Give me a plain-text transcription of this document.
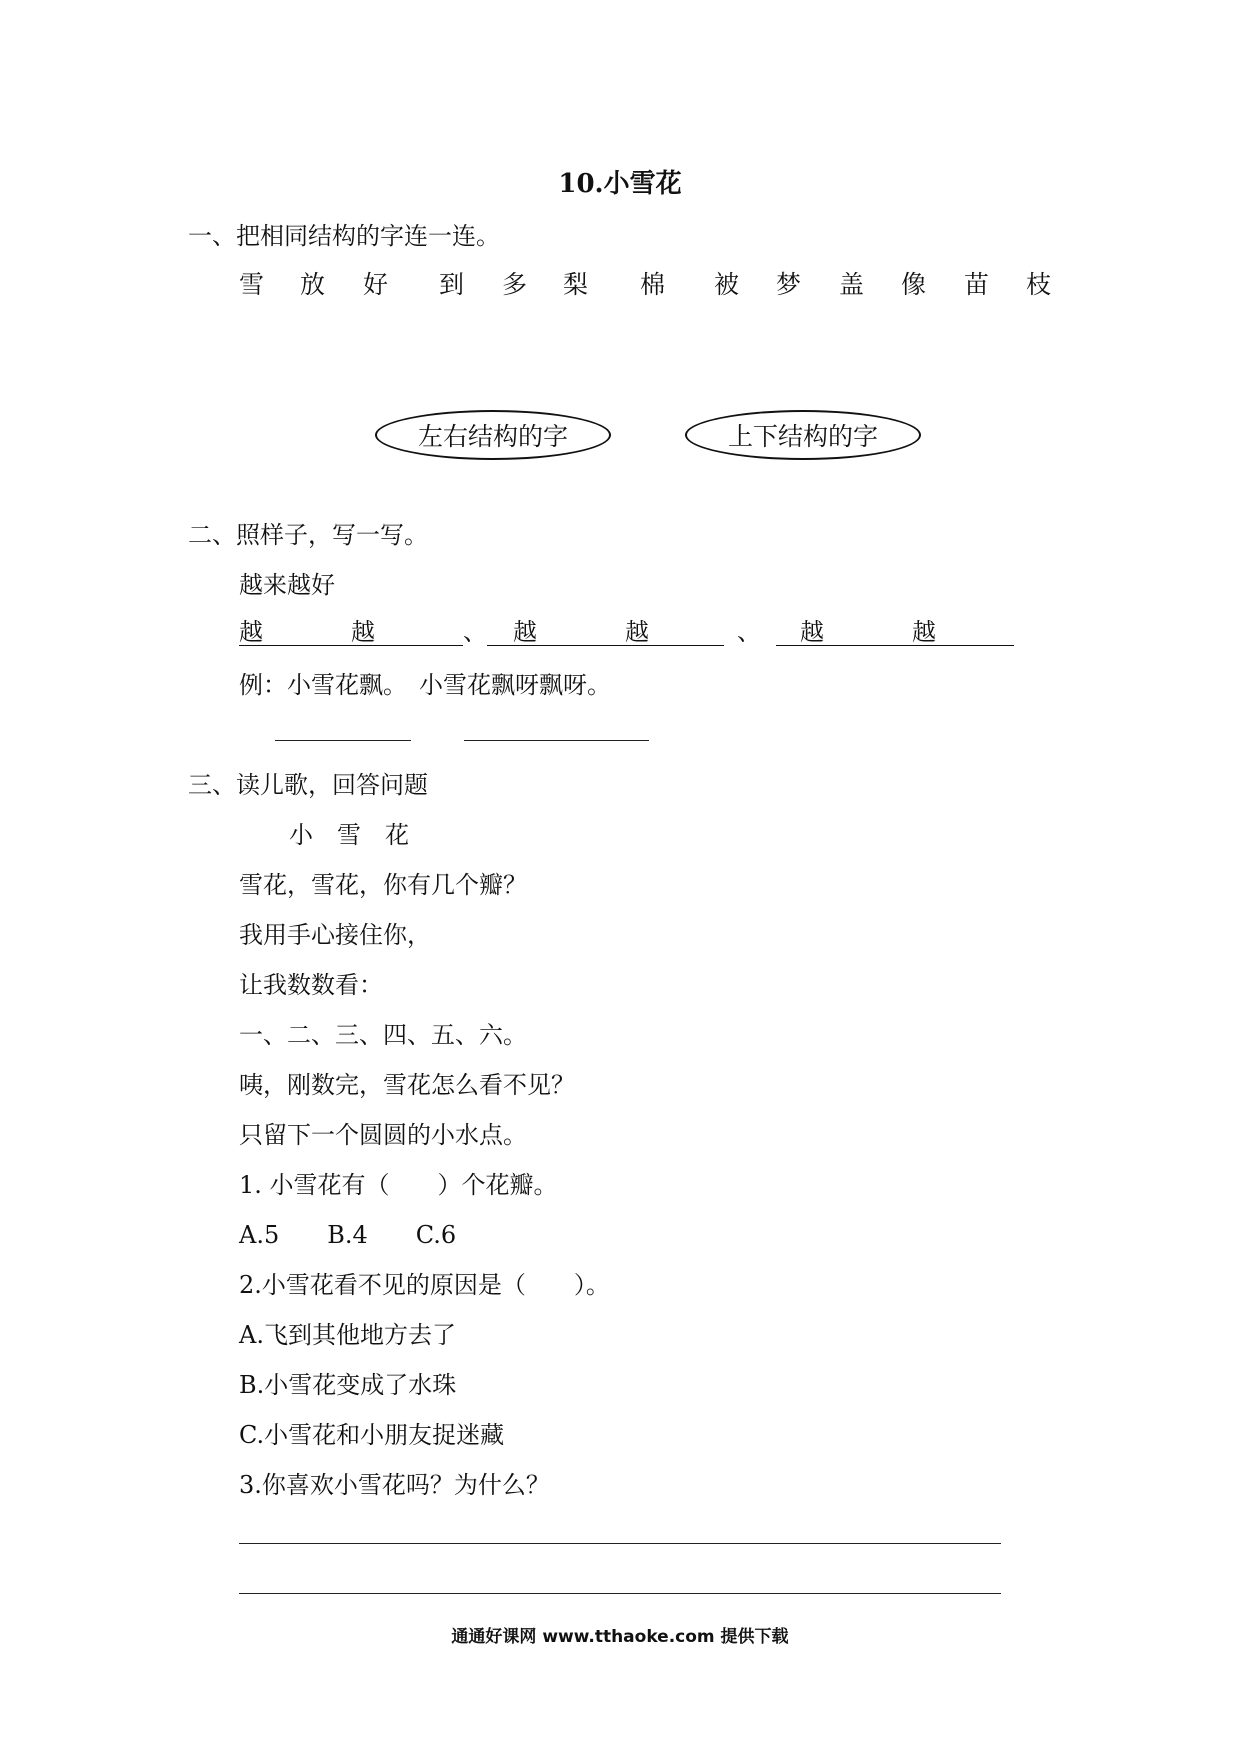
10.小雪花
一、把相同结构的字连一连。
雪 放 好 到 多 梨 棉 被 梦 盖 像 苗 枝
左右结构的字	上下结构的字
二、照样子，写一写。
越来越好
越	越	、 越	越	、 越	越
例：小雪花飘。　小雪花飘呀飘呀。
三、读儿歌，回答问题
小　雪　花
雪花，雪花，你有几个瓣？
我用手心接住你，
让我数数看：
一、二、三、四、五、六。
咦，刚数完，雪花怎么看不见？
只留下一个圆圆的小水点。
1. 小雪花有（　　）个花瓣。
A.5　　B.4　　C.6
2.小雪花看不见的原因是（　　）。
A.飞到其他地方去了
B.小雪花变成了水珠
C.小雪花和小朋友捉迷藏
3.你喜欢小雪花吗？为什么？
通通好课网 www.tthaoke.com 提供下载
